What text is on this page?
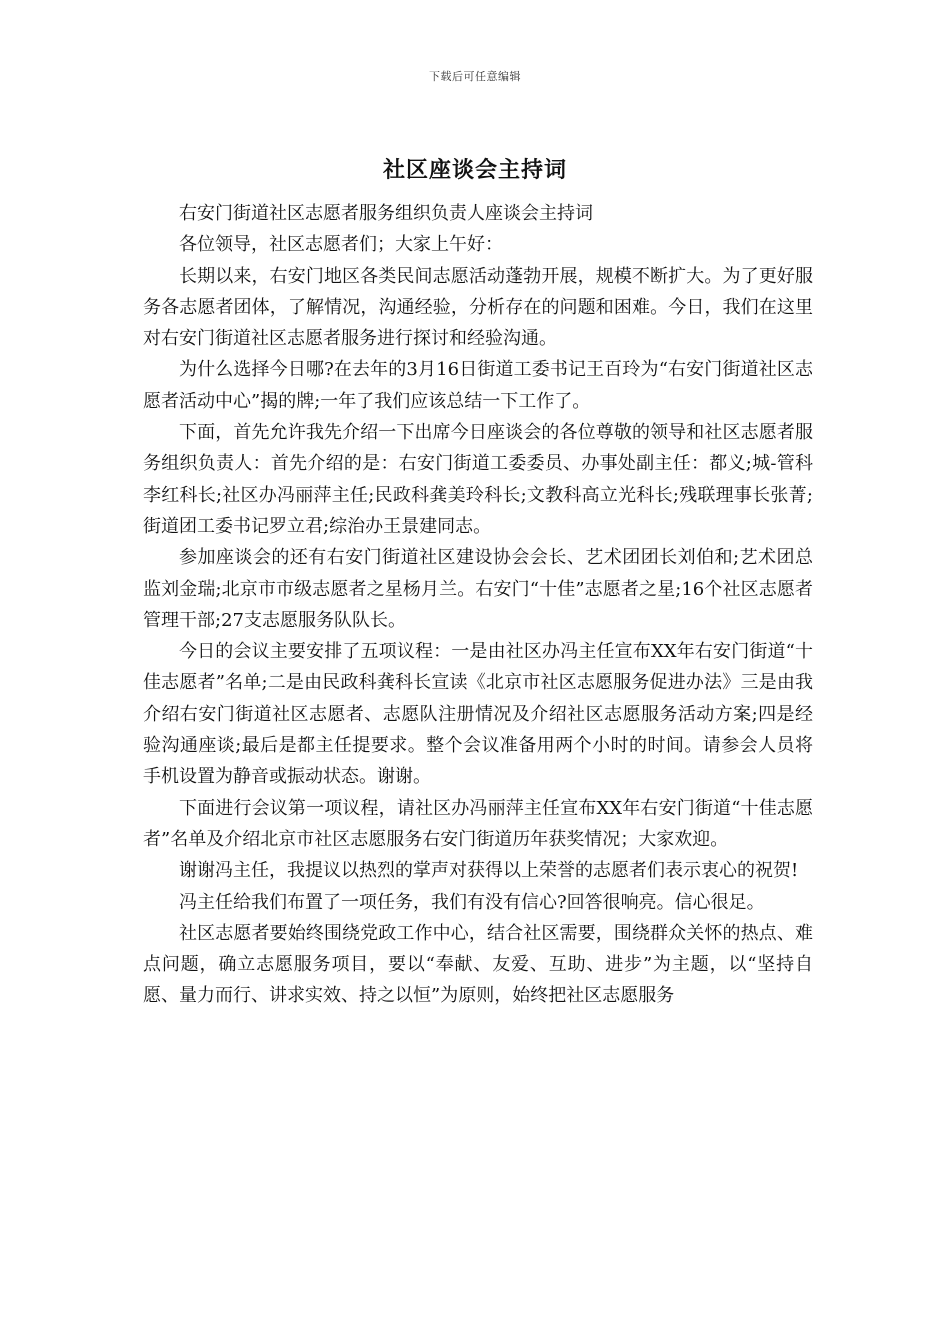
下载后可任意编辑
社区座谈会主持词

右安门街道社区志愿者服务组织负责人座谈会主持词

各位领导，社区志愿者们；大家上午好：

长期以来，右安门地区各类民间志愿活动蓬勃开展，规模不断扩大。为了更好服务各志愿者团体，了解情况，沟通经验，分析存在的问题和困难。今日，我们在这里对右安门街道社区志愿者服务进行探讨和经验沟通。

为什么选择今日哪?在去年的3月16日街道工委书记王百玲为“右安门街道社区志愿者活动中心”揭的牌;一年了我们应该总结一下工作了。

下面，首先允许我先介绍一下出席今日座谈会的各位尊敬的领导和社区志愿者服务组织负责人：首先介绍的是：右安门街道工委委员、办事处副主任：都义;城-管科李红科长;社区办冯丽萍主任;民政科龚美玲科长;文教科高立光科长;残联理事长张菁;街道团工委书记罗立君;综治办王景建同志。

参加座谈会的还有右安门街道社区建设协会会长、艺术团团长刘伯和;艺术团总监刘金瑞;北京市市级志愿者之星杨月兰。右安门“十佳”志愿者之星;16个社区志愿者管理干部;27支志愿服务队队长。

今日的会议主要安排了五项议程：一是由社区办冯主任宣布XX年右安门街道“十佳志愿者”名单;二是由民政科龚科长宣读《北京市社区志愿服务促进办法》三是由我介绍右安门街道社区志愿者、志愿队注册情况及介绍社区志愿服务活动方案;四是经验沟通座谈;最后是都主任提要求。整个会议准备用两个小时的时间。请参会人员将手机设置为静音或振动状态。谢谢。

下面进行会议第一项议程，请社区办冯丽萍主任宣布XX年右安门街道“十佳志愿者”名单及介绍北京市社区志愿服务右安门街道历年获奖情况；大家欢迎。

谢谢冯主任，我提议以热烈的掌声对获得以上荣誉的志愿者们表示衷心的祝贺!

冯主任给我们布置了一项任务，我们有没有信心?回答很响亮。信心很足。

社区志愿者要始终围绕党政工作中心，结合社区需要，围绕群众关怀的热点、难点问题，确立志愿服务项目，要以“奉献、友爱、互助、进步”为主题，以“坚持自愿、量力而行、讲求实效、持之以恒”为原则，始终把社区志愿服务
